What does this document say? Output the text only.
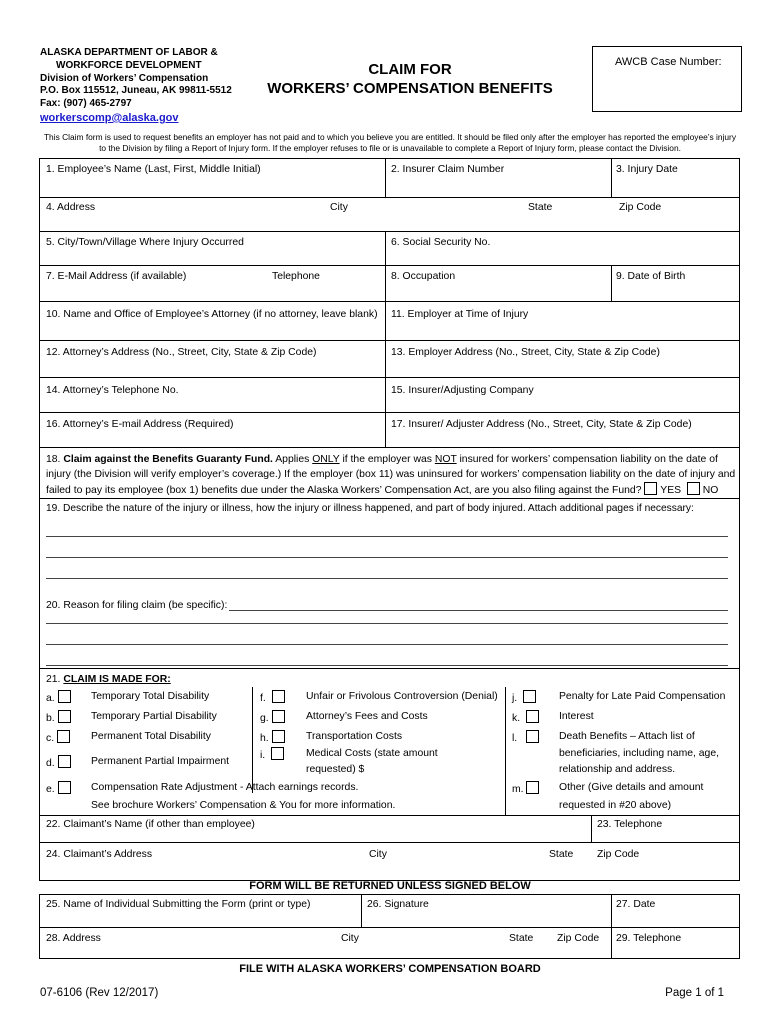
ALASKA DEPARTMENT OF LABOR &
WORKFORCE DEVELOPMENT
Division of Workers’ Compensation
P.O. Box 115512, Juneau, AK 99811-5512
Fax: (907) 465-2797
workerscomp@alaska.gov
CLAIM FOR
WORKERS’ COMPENSATION BENEFITS
AWCB Case Number:
This Claim form is used to request benefits an employer has not paid and to which you believe you are entitled. It should be filed only after the employer has reported the employee’s injury
to the Division by filing a Report of Injury form. If the employer refuses to file or is unavailable to complete a Report of Injury form, please contact the Division.
1. Employee’s Name (Last, First, Middle Initial)	2. Insurer Claim Number	3. Injury Date
4. Address	City	State	Zip Code
5. City/Town/Village Where Injury Occurred	6. Social Security No.
7. E-Mail Address (if available)	Telephone	8. Occupation	9. Date of Birth
10. Name and Office of Employee’s Attorney (if no attorney, leave blank) 11. Employer at Time of Injury
12. Attorney’s Address (No., Street, City, State & Zip Code)	13. Employer Address (No., Street, City, State & Zip Code)
14. Attorney’s Telephone No.	15. Insurer/Adjusting Company
16. Attorney’s E-mail Address (Required)	17. Insurer/ Adjuster Address (No., Street, City, State & Zip Code)
18. Claim against the Benefits Guaranty Fund. Applies ONLY if the employer was NOT insured for workers’ compensation liability on the date of injury (the Division will verify employer’s coverage.) If the employer (box 11) was uninsured for workers’ compensation liability on the date of injury and failed to pay its employee (box 1) benefits due under the Alaska Workers’ Compensation Act, are you also filing against the Fund? YES NO
19. Describe the nature of the injury or illness, how the injury or illness happened, and part of body injured. Attach additional pages if necessary:
20. Reason for filing claim (be specific):
21. CLAIM IS MADE FOR:
a.	Temporary Total Disability
b.	Temporary Partial Disability
c.	Permanent Total Disability
d.	Permanent Partial Impairment
e.	Compensation Rate Adjustment - Attach earnings records.
See brochure Workers’ Compensation & You for more information.
f.	Unfair or Frivolous Controversion (Denial)
g.	Attorney’s Fees and Costs
h.	Transportation Costs
i.	Medical Costs (state amount
requested) $
j.	Penalty for Late Paid Compensation
k.	Interest
l.	Death Benefits – Attach list of
beneficiaries, including name, age,
relationship and address.
m.	Other (Give details and amount
requested in #20 above)
22. Claimant’s Name (if other than employee)	23. Telephone
24. Claimant’s Address	City	State Zip Code
FORM WILL BE RETURNED UNLESS SIGNED BELOW
25. Name of Individual Submitting the Form (print or type)	26. Signature	27. Date
28. Address	City	State Zip Code 29. Telephone
FILE WITH ALASKA WORKERS’ COMPENSATION BOARD
07-6106 (Rev 12/2017)	Page 1 of 1
